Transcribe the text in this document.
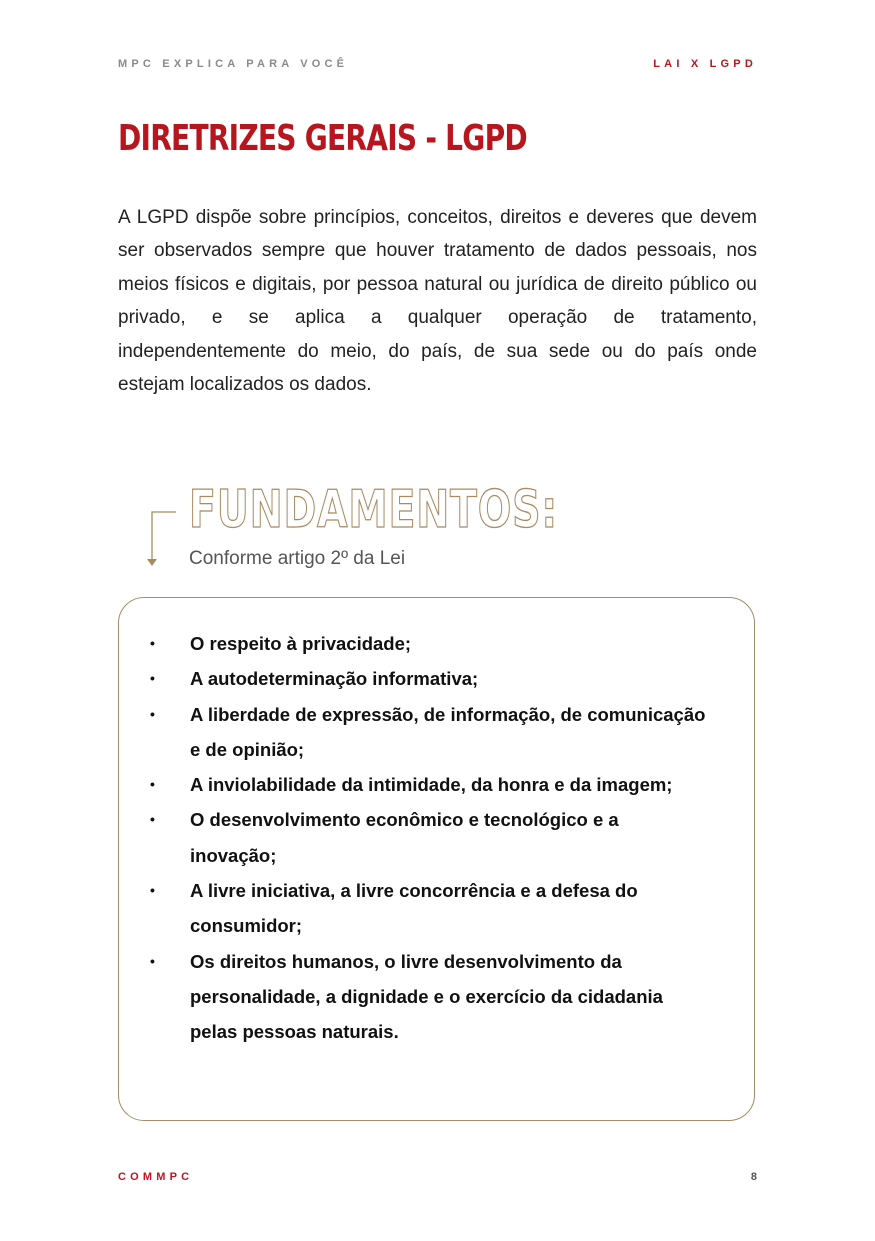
MPC EXPLICA PARA VOCÊ	LAI X LGPD
DIRETRIZES GERAIS - LGPD

A LGPD dispõe sobre princípios, conceitos, direitos e deveres que devem ser observados sempre que houver tratamento de dados pessoais, nos meios físicos e digitais, por pessoa natural ou jurídica de direito público ou privado, e se aplica a qualquer operação de tratamento, independentemente do meio, do país, de sua sede ou do país onde estejam localizados os dados.

FUNDAMENTOS:
Conforme artigo 2º da Lei
• O respeito à privacidade;
• A autodeterminação informativa;
• A liberdade de expressão, de informação, de comunicação e de opinião;
• A inviolabilidade da intimidade, da honra e da imagem;
• O desenvolvimento econômico e tecnológico e a inovação;
• A livre iniciativa, a livre concorrência e a defesa do consumidor;
• Os direitos humanos, o livre desenvolvimento da personalidade, a dignidade e o exercício da cidadania pelas pessoas naturais.
COMMPC	8
